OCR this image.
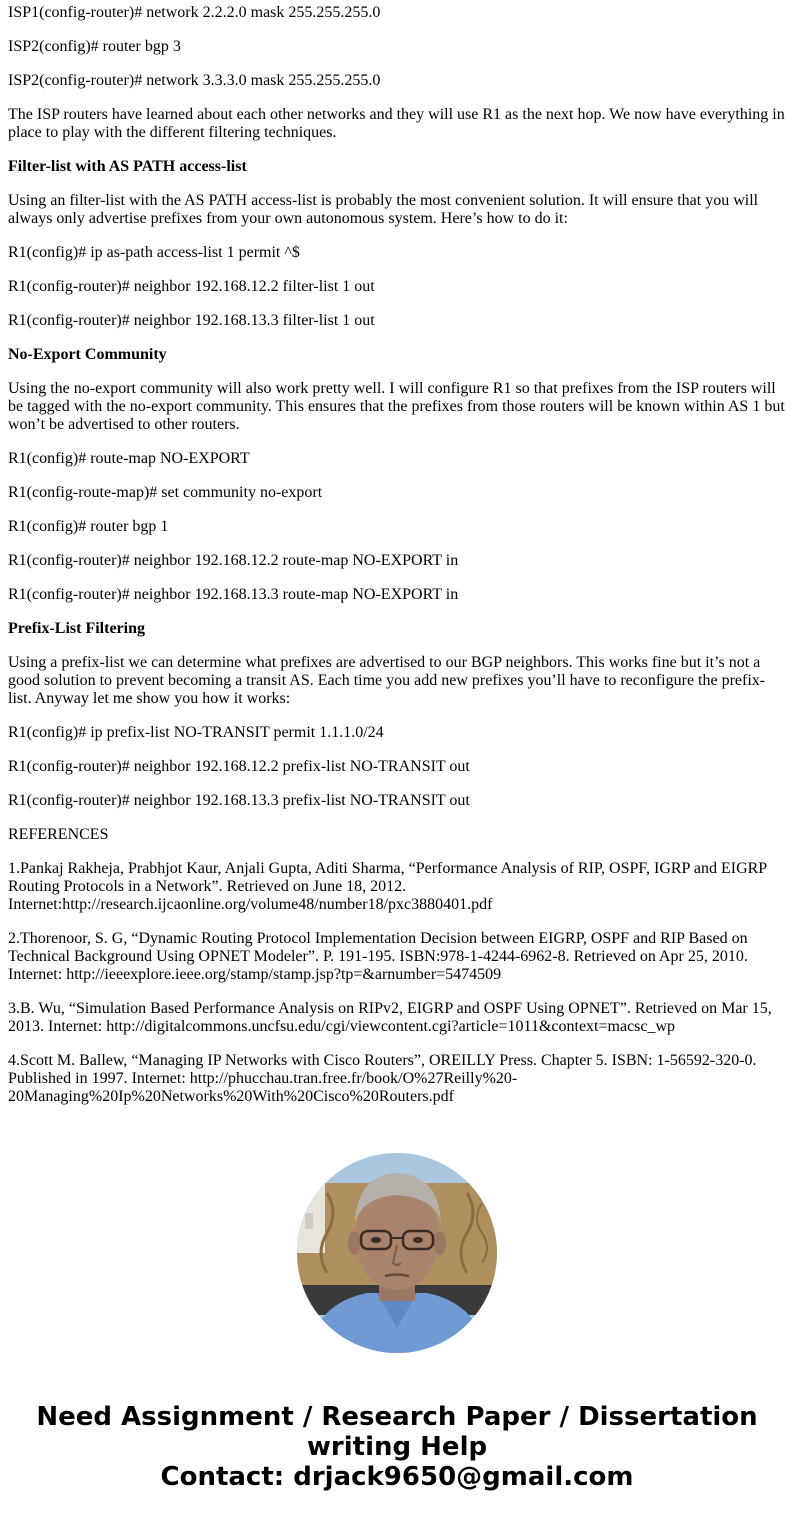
ISP1(config-router)# network 2.2.2.0 mask 255.255.255.0

ISP2(config)# router bgp 3

ISP2(config-router)# network 3.3.3.0 mask 255.255.255.0

The ISP routers have learned about each other networks and they will use R1 as the next hop. We now have everything in place to play with the different filtering techniques.

Filter-list with AS PATH access-list

Using an filter-list with the AS PATH access-list is probably the most convenient solution. It will ensure that you will always only advertise prefixes from your own autonomous system. Here’s how to do it:

R1(config)# ip as-path access-list 1 permit ^$

R1(config-router)# neighbor 192.168.12.2 filter-list 1 out

R1(config-router)# neighbor 192.168.13.3 filter-list 1 out

No-Export Community

Using the no-export community will also work pretty well. I will configure R1 so that prefixes from the ISP routers will be tagged with the no-export community. This ensures that the prefixes from those routers will be known within AS 1 but won’t be advertised to other routers.

R1(config)# route-map NO-EXPORT

R1(config-route-map)# set community no-export

R1(config)# router bgp 1

R1(config-router)# neighbor 192.168.12.2 route-map NO-EXPORT in

R1(config-router)# neighbor 192.168.13.3 route-map NO-EXPORT in

Prefix-List Filtering

Using a prefix-list we can determine what prefixes are advertised to our BGP neighbors. This works fine but it’s not a good solution to prevent becoming a transit AS. Each time you add new prefixes you’ll have to reconfigure the prefix-list. Anyway let me show you how it works:

R1(config)# ip prefix-list NO-TRANSIT permit 1.1.1.0/24

R1(config-router)# neighbor 192.168.12.2 prefix-list NO-TRANSIT out

R1(config-router)# neighbor 192.168.13.3 prefix-list NO-TRANSIT out

REFERENCES

1.Pankaj Rakheja, Prabhjot Kaur, Anjali Gupta, Aditi Sharma, “Performance Analysis of RIP, OSPF, IGRP and EIGRP Routing Protocols in a Network”. Retrieved on June 18, 2012.
Internet:http://research.ijcaonline.org/volume48/number18/pxc3880401.pdf

2.Thorenoor, S. G, “Dynamic Routing Protocol Implementation Decision between EIGRP, OSPF and RIP Based on Technical Background Using OPNET Modeler”. P. 191-195. ISBN:978-1-4244-6962-8. Retrieved on Apr 25, 2010.
Internet: http://ieeexplore.ieee.org/stamp/stamp.jsp?tp=&arnumber=5474509

3.B. Wu, “Simulation Based Performance Analysis on RIPv2, EIGRP and OSPF Using OPNET”. Retrieved on Mar 15, 2013. Internet: http://digitalcommons.uncfsu.edu/cgi/viewcontent.cgi?article=1011&context=macsc_wp

4.Scott M. Ballew, “Managing IP Networks with Cisco Routers”, OREILLY Press. Chapter 5. ISBN: 1-56592-320-0. Published in 1997. Internet: http://phucchau.tran.free.fr/book/O%27Reilly%20-
20Managing%20Ip%20Networks%20With%20Cisco%20Routers.pdf

Need Assignment / Research Paper / Dissertation
writing Help
Contact: drjack9650@gmail.com
